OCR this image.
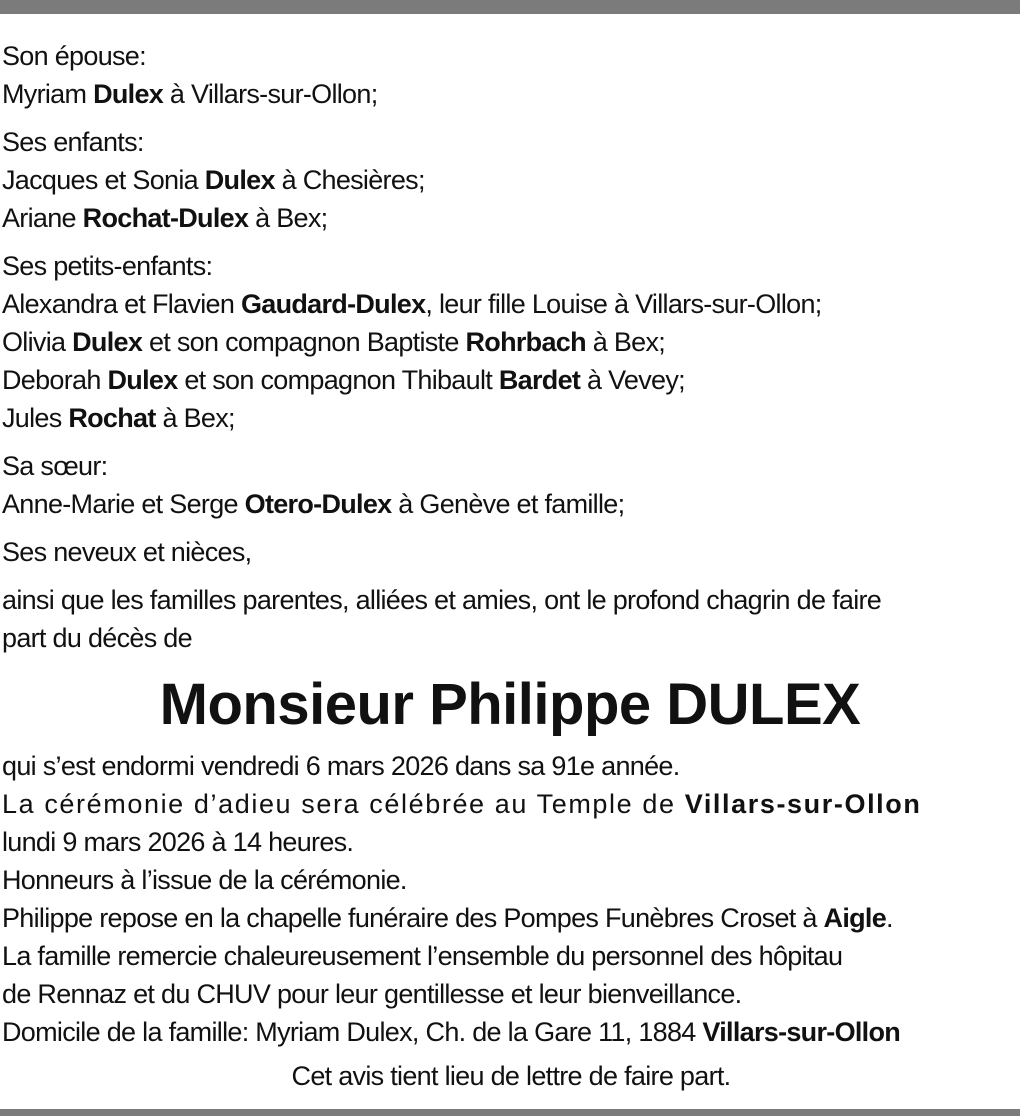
Son épouse:
Myriam Dulex à Villars-sur-Ollon;
Ses enfants:
Jacques et Sonia Dulex à Chesières;
Ariane Rochat-Dulex à Bex;
Ses petits-enfants:
Alexandra et Flavien Gaudard-Dulex, leur fille Louise à Villars-sur-Ollon;
Olivia Dulex et son compagnon Baptiste Rohrbach à Bex;
Deborah Dulex et son compagnon Thibault Bardet à Vevey;
Jules Rochat à Bex;
Sa sœur:
Anne-Marie et Serge Otero-Dulex à Genève et famille;
Ses neveux et nièces,
ainsi que les familles parentes, alliées et amies, ont le profond chagrin de faire
part du décès de
Monsieur Philippe DULEX
qui s’est endormi vendredi 6 mars 2026 dans sa 91e année.
La cérémonie d’adieu sera célébrée au Temple de Villars-sur-Ollon
lundi 9 mars 2026 à 14 heures.
Honneurs à l’issue de la cérémonie.
Philippe repose en la chapelle funéraire des Pompes Funèbres Croset à Aigle.
La famille remercie chaleureusement l’ensemble du personnel des hôpitau
de Rennaz et du CHUV pour leur gentillesse et leur bienveillance.
Domicile de la famille: Myriam Dulex, Ch. de la Gare 11, 1884 Villars-sur-Ollon
Cet avis tient lieu de lettre de faire part.
